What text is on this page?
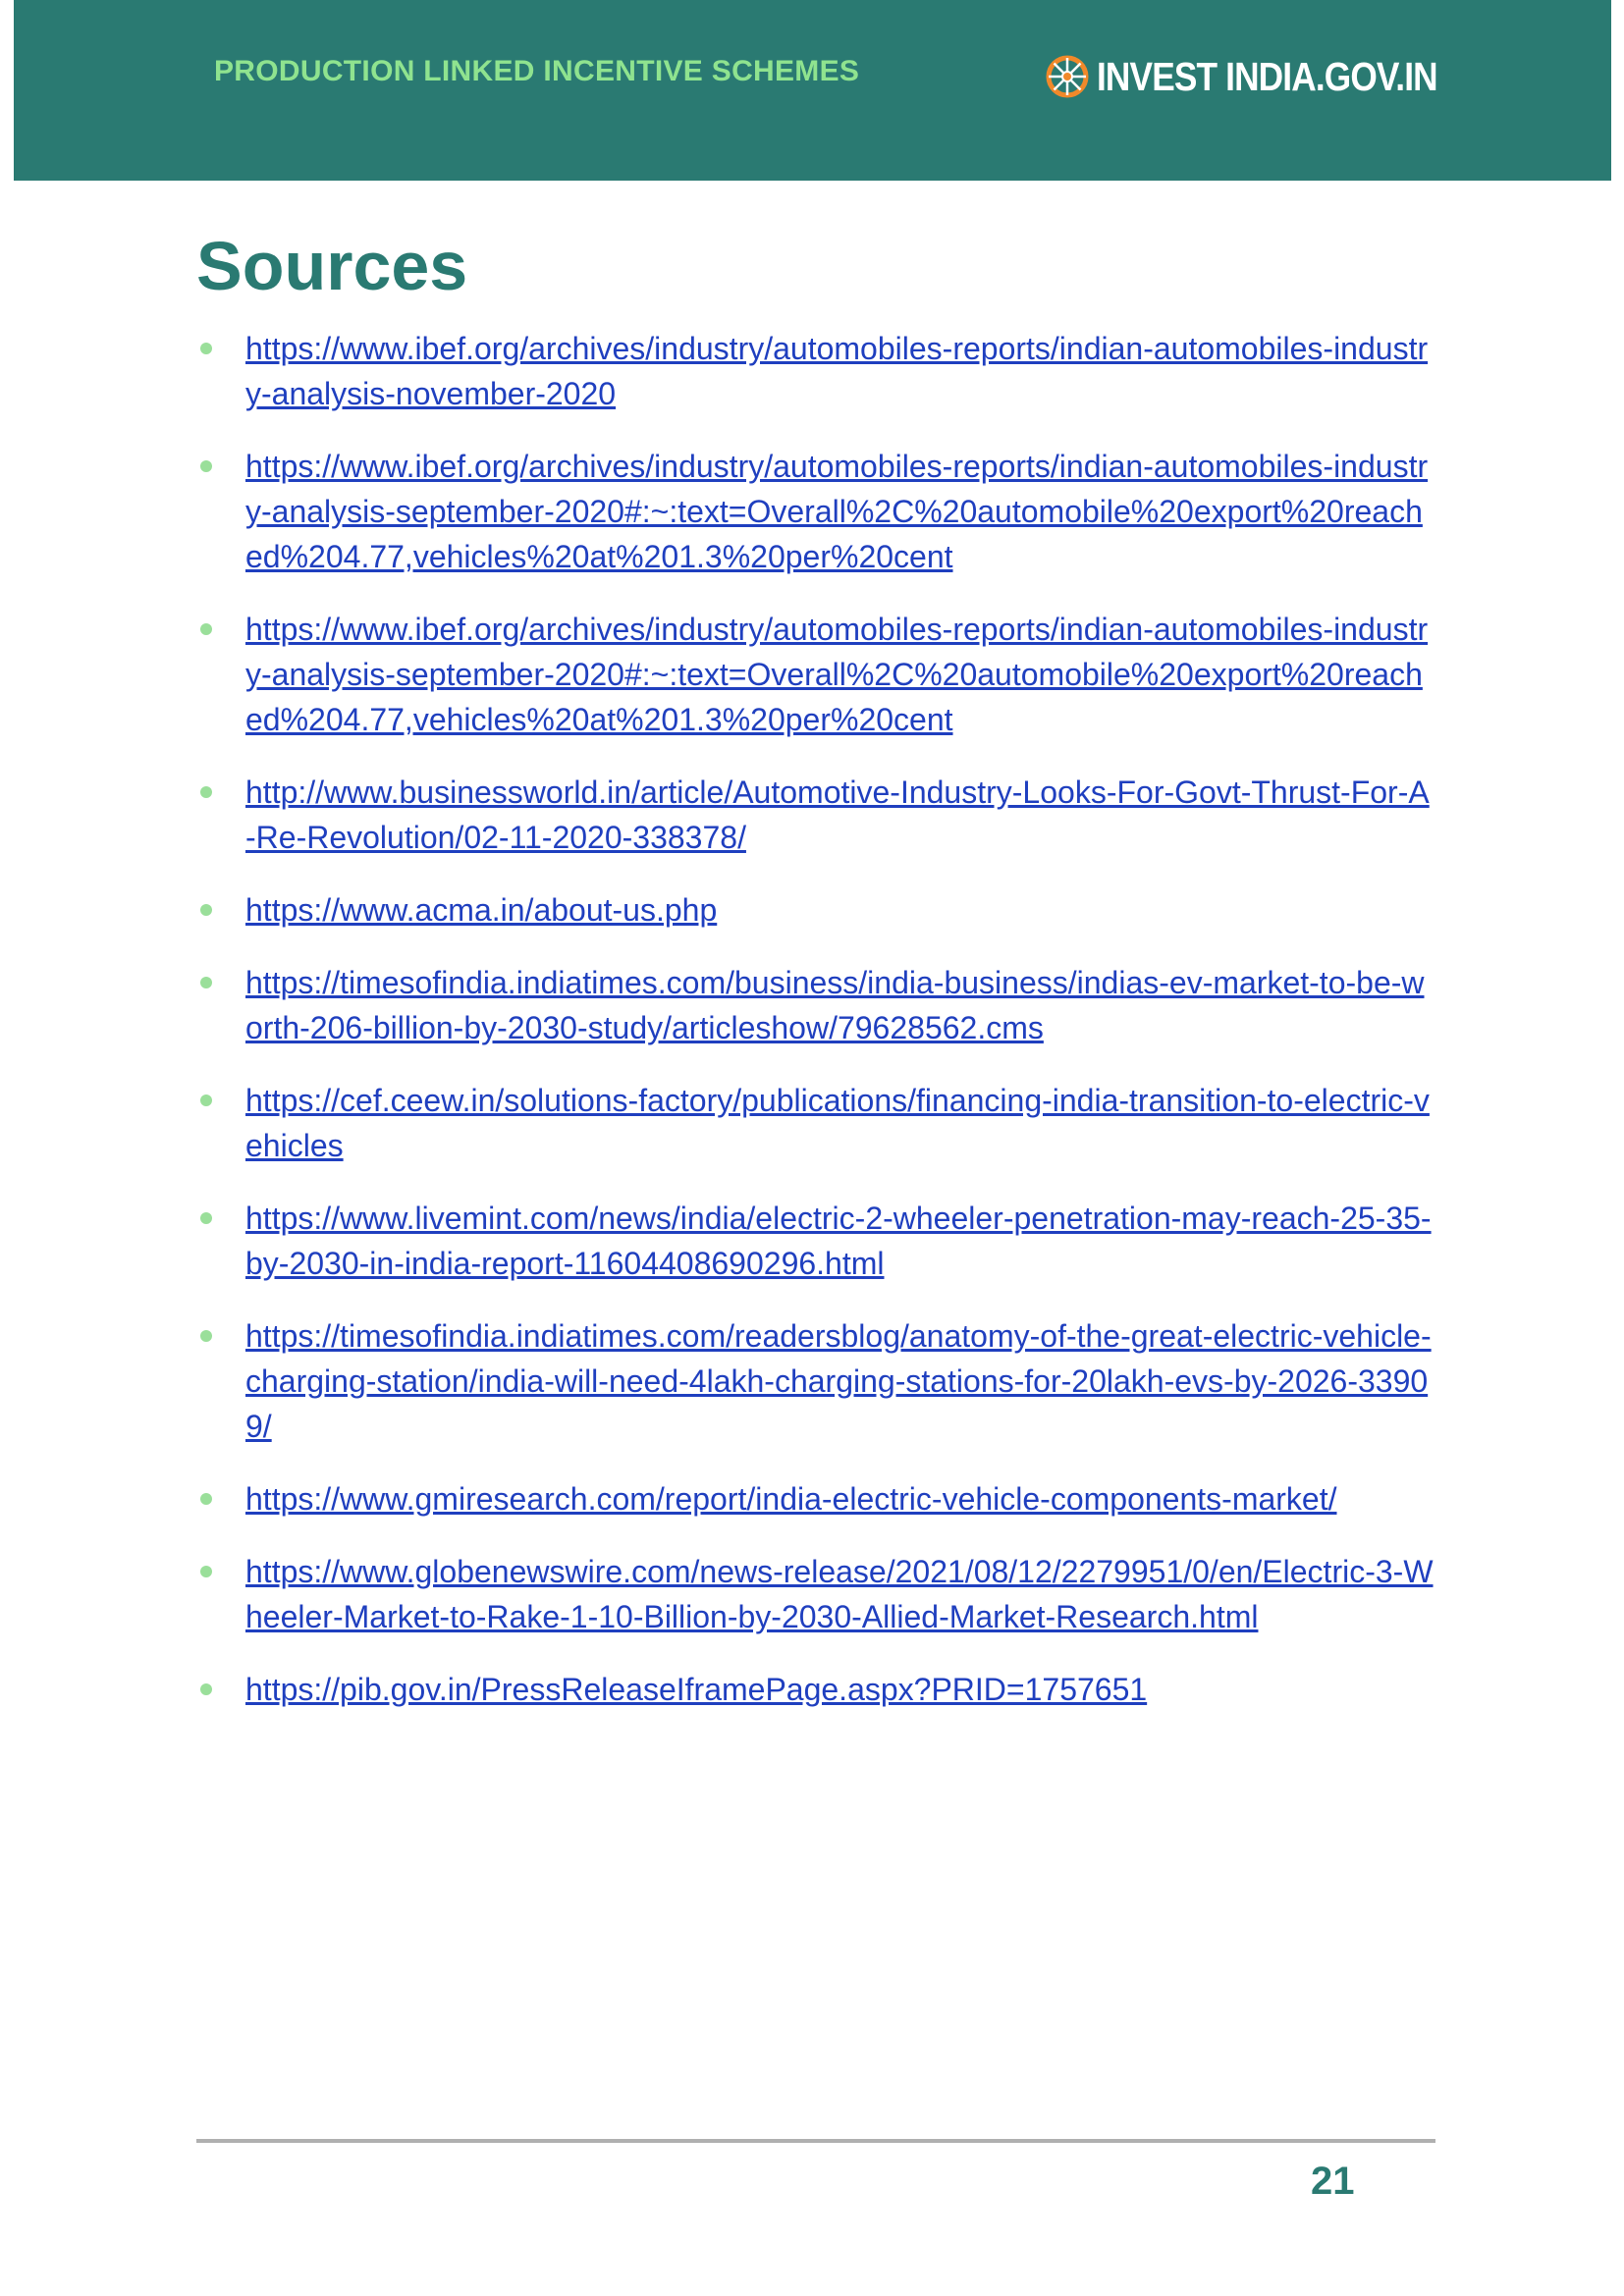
PRODUCTION LINKED INCENTIVE SCHEMES	INVEST INDIA.GOV.IN
Sources
https://www.ibef.org/archives/industry/automobiles-reports/indian-automobiles-industry-analysis-november-2020
https://www.ibef.org/archives/industry/automobiles-reports/indian-automobiles-industry-analysis-september-2020#:~:text=Overall%2C%20automobile%20export%20reached%204.77,vehicles%20at%201.3%20per%20cent
https://www.ibef.org/archives/industry/automobiles-reports/indian-automobiles-industry-analysis-september-2020#:~:text=Overall%2C%20automobile%20export%20reached%204.77,vehicles%20at%201.3%20per%20cent
http://www.businessworld.in/article/Automotive-Industry-Looks-For-Govt-Thrust-For-A-Re-Revolution/02-11-2020-338378/
https://www.acma.in/about-us.php
https://timesofindia.indiatimes.com/business/india-business/indias-ev-market-to-be-worth-206-billion-by-2030-study/articleshow/79628562.cms
https://cef.ceew.in/solutions-factory/publications/financing-india-transition-to-electric-vehicles
https://www.livemint.com/news/india/electric-2-wheeler-penetration-may-reach-25-35-by-2030-in-india-report-11604408690296.html
https://timesofindia.indiatimes.com/readersblog/anatomy-of-the-great-electric-vehicle-charging-station/india-will-need-4lakh-charging-stations-for-20lakh-evs-by-2026-33909/
https://www.gmiresearch.com/report/india-electric-vehicle-components-market/
https://www.globenewswire.com/news-release/2021/08/12/2279951/0/en/Electric-3-Wheeler-Market-to-Rake-1-10-Billion-by-2030-Allied-Market-Research.html
https://pib.gov.in/PressReleaseIframePage.aspx?PRID=1757651
21
